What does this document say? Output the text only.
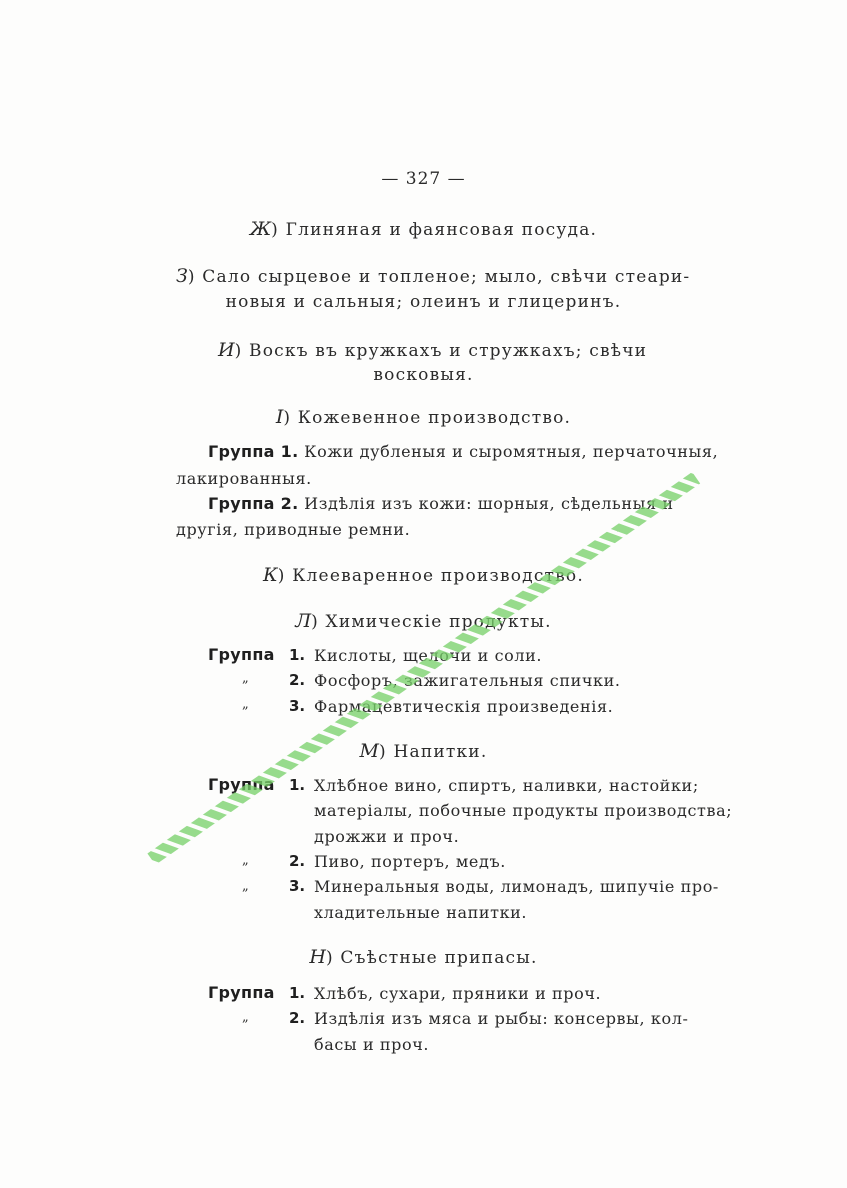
— 327 —
Ж) Глиняная и фаянсовая посуда.
З) Сало сырцевое и топленое; мыло, свѣчи стеари-
новыя и сальныя; олеинъ и глицеринъ.
И) Воскъ въ кружкахъ и стружкахъ; свѣчи
восковыя.
І) Кожевенное производство.
Группа 1. Кожи дубленыя и сыромятныя, перчаточныя,
лакированныя.
Группа 2. Издѣлія изъ кожи: шорныя, сѣдельныя и
другія, приводные ремни.
К) Клееваренное производство.
Л) Химическіе продукты.
Группа 1. Кислоты, щелочи и соли.
„	2. Фосфоръ, зажигательныя спички.
„	3. Фармацевтическія произведенія.
М) Напитки.
Группа 1. Хлѣбное вино, спиртъ, наливки, настойки;
матеріалы, побочные продукты производства;
дрожжи и проч.
„	2. Пиво, портеръ, медъ.
„	3. Минеральныя воды, лимонадъ, шипучіе про-
хладительные напитки.
Н) Съѣстные припасы.
Группа 1. Хлѣбъ, сухари, пряники и проч.
„	2. Издѣлія изъ мяса и рыбы: консервы, кол-
басы и проч.
